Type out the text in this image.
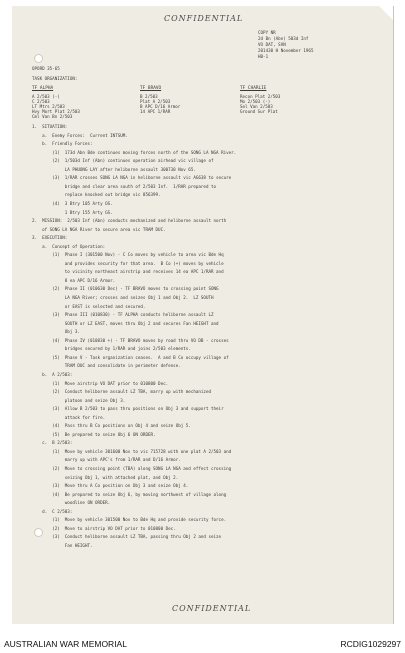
CONFIDENTIAL
COPY NR
2d Bn (Abn) 503d Inf
VO DAT, SVN
201430 H November 1965
HB-1
OPORD 35-65
TASK ORGANIZATION:
TF ALPHA
A 2/503 (-)
C 2/503
LT Mtrs 2/503
Hvy Mort Plat 2/503
Cml Van Bn 2/503
TF BRAVO
B 2/503
Plat A 2/503
B APC D/16 Armor
14 APC 1/RAR
TF CHARLIE
Recon Plat 2/503
Mo 2/503 (-)
Sel Van 2/503
Ground Sur Plat
1.  SITUATION:
a.  Enemy Forces:  Current INTSUM.
b.  Friendly Forces:
(1)  173d Abn Bde continues moving forces north of the SONG LA NGA River.
(2)  1/503d Inf (Abn) continues operation airhead vic village of
LA PHUONG LAY after heliborne assault 300730 Nov 65.
(3)  1/RAR crosses SONG LA NGA in heliborne assault vic AG638 to secure
bridge and clear area south of 2/503 Inf.  1/RAR prepared to
replace knocked out bridge vic 856399.
(4)  3 Btry 105 Arty OS.
1 Btry 155 Arty GS.
2.  MISSION:  2/503 Inf (Abn) conducts mechanized and heliborne assault north
of SONG LA NGA River to secure area vic TRAM DUC.
3.  EXECUTION:
a.  Concept of Operation:
(1)  Phase I (301500 Nov) - C Co moves by vehicle to area vic Bde Hq
and provides security for that area.  B Co (+) moves by vehicle
to vicinity northeast airstrip and receives 14 ea APC 1/RAR and
8 ea APC D/16 Armor.
(2)  Phase II (010630 Dec) - TF BRAVO moves to crossing point SONG
LA NGA River; crosses and seizes Obj 1 and Obj 2.  LZ SOUTH
or EAST is selected and secured.
(3)  Phase III (010830) - TF ALPHA conducts heliborne assault LZ
SOUTH or LZ EAST, moves thru Obj 2 and secures Fan HEIGHT and
Obj 3.
(4)  Phase IV (010830 +) - TF BRAVO moves by road thru VO DB - crosses
bridges secured by 1/RAR and joins 2/503 elements.
(5)  Phase V - Task organization ceases.  A and B Co occupy village of
TRAM DUC and consolidate in perimeter defense.
b.  A 2/503:
(1)  Move airstrip VO DAT prior to 010800 Dec.
(2)  Conduct heliborne assault LZ TBA, marry up with mechanized
platoon and seize Obj 3.
(3)  Allow B 2/503 to pass thru positions on Obj 3 and support their
attack for fire.
(4)  Pass thru B Co positions on Obj 4 and seize Obj 5.
(5)  Be prepared to seize Obj 6 ON ORDER.
c.  B 2/503:
(1)  Move by vehicle 301600 Nov to vic 715728 with one plat A 2/503 and
marry up with APC's from 1/RAR and D/16 Armor.
(2)  Move to crossing point (TBA) along SONG LA NGA and effect crossing
seizing Obj 1, with attached plat, and Obj 2.
(3)  Move thru A Co position on Obj 3 and seize Obj 4.
(4)  Be prepared to seize Obj 6, by moving northwest of village along
woodline ON ORDER.
d.  C 2/503:
(1)  Move by vehicle 301500 Nov to Bde Hq and provide security force.
(2)  Move to airstrip VO DAT prior to 010800 Dec.
(3)  Conduct heliborne assault LZ TBA, passing thru Obj 2 and seize
Fan HEIGHT.
CONFIDENTIAL
AUSTRALIAN WAR MEMORIAL	RCDIG1029297
